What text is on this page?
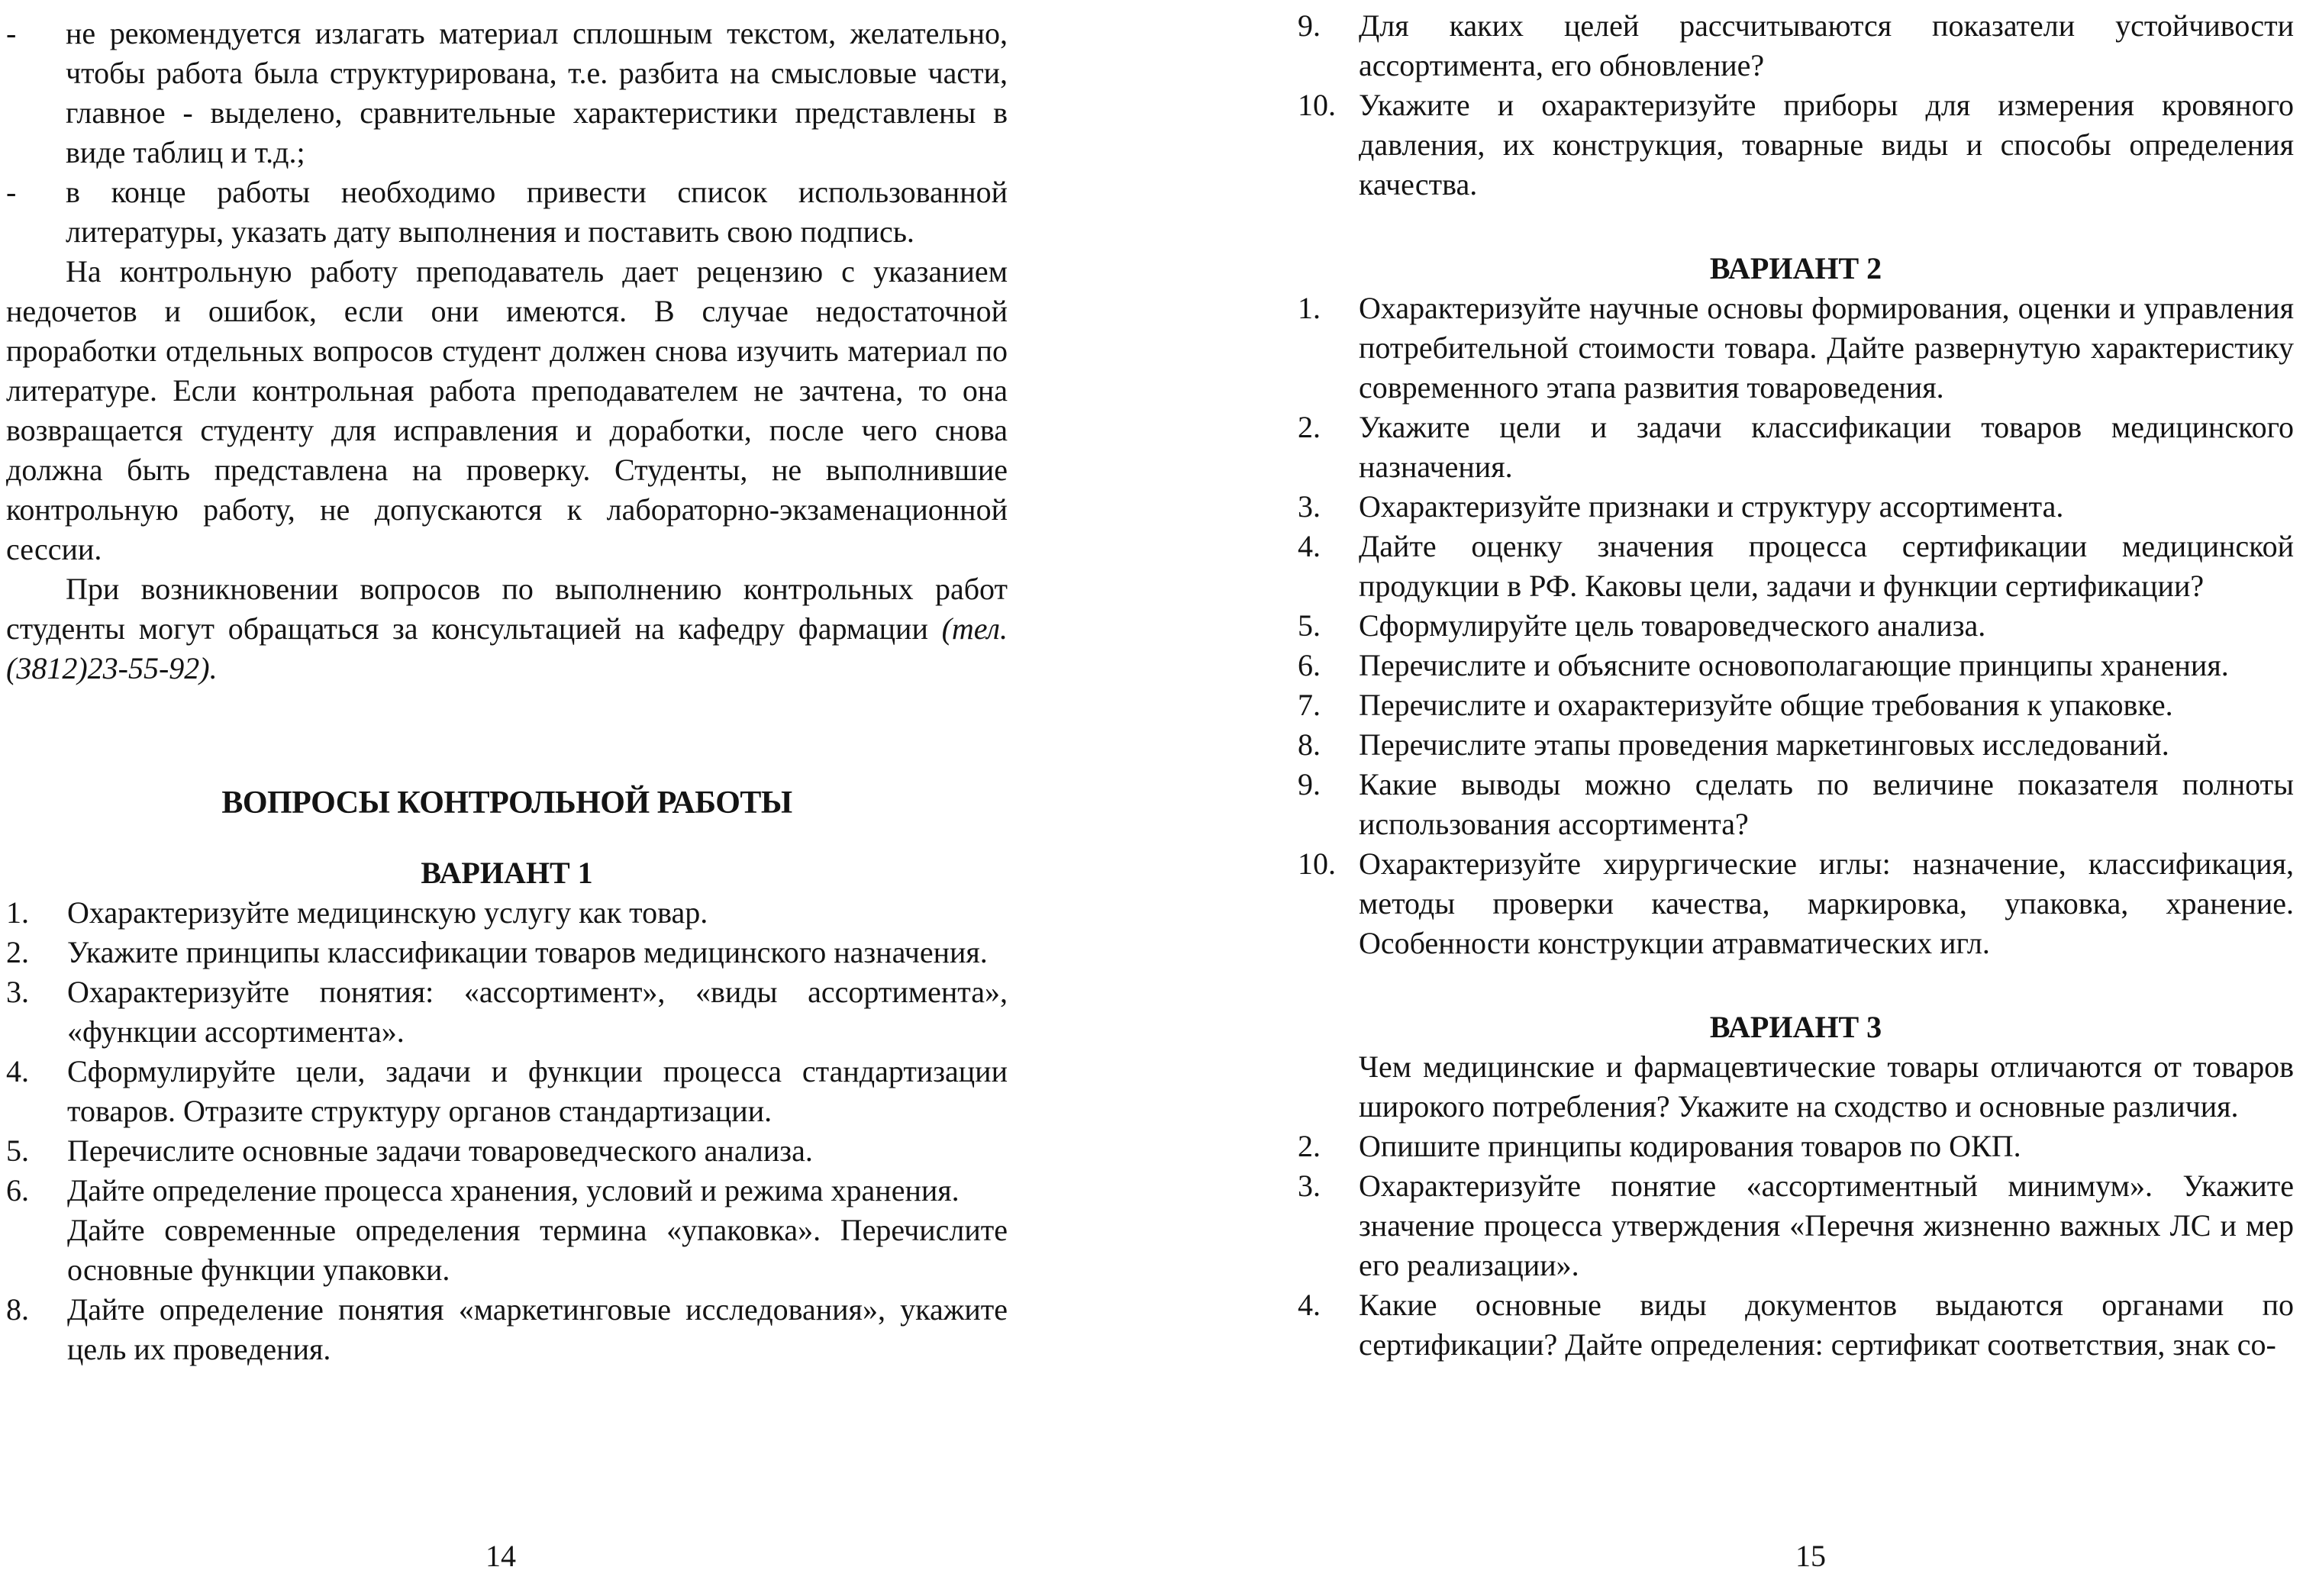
- не рекомендуется излагать материал сплошным текстом, желательно, чтобы работа была структурирована, т.е. разбита на смысловые части, главное - выделено, сравнительные характеристики представлены в виде таблиц и т.д.;
- в конце работы необходимо привести список использованной литературы, указать дату выполнения и поставить свою подпись.

На контрольную работу преподаватель дает рецензию с указанием недочетов и ошибок, если они имеются. В случае недостаточной проработки отдельных вопросов студент должен снова изучить материал по литературе. Если контрольная работа преподавателем не зачтена, то она возвращается студенту для исправления и доработки, после чего снова должна быть представлена на проверку. Студенты, не выполнившие контрольную работу, не допускаются к лабораторно-экзаменационной сессии.

При возникновении вопросов по выполнению контрольных работ студенты могут обращаться за консультацией на кафедру фармации (тел. (3812)23-55-92).

ВОПРОСЫ КОНТРОЛЬНОЙ РАБОТЫ
ВАРИАНТ 1
1. Охарактеризуйте медицинскую услугу как товар.
2. Укажите принципы классификации товаров медицинского назначения.
3. Охарактеризуйте понятия: «ассортимент», «виды ассортимента», «функции ассортимента».
4. Сформулируйте цели, задачи и функции процесса стандартизации товаров. Отразите структуру органов стандартизации.
5. Перечислите основные задачи товароведческого анализа.
6. Дайте определение процесса хранения, условий и режима хранения.
Дайте современные определения термина «упаковка». Перечислите основные функции упаковки.
8. Дайте определение понятия «маркетинговые исследования», укажите цель их проведения.
14
9. Для каких целей рассчитываются показатели устойчивости ассортимента, его обновление?
10. Укажите и охарактеризуйте приборы для измерения кровяного давления, их конструкция, товарные виды и способы определения качества.
ВАРИАНТ 2
1. Охарактеризуйте научные основы формирования, оценки и управления потребительной стоимости товара. Дайте развернутую характеристику современного этапа развития товароведения.
2. Укажите цели и задачи классификации товаров медицинского назначения.
3. Охарактеризуйте признаки и структуру ассортимента.
4. Дайте оценку значения процесса сертификации медицинской продукции в РФ. Каковы цели, задачи и функции сертификации?
5. Сформулируйте цель товароведческого анализа.
6. Перечислите и объясните основополагающие принципы хранения.
7. Перечислите и охарактеризуйте общие требования к упаковке.
8. Перечислите этапы проведения маркетинговых исследований.
9. Какие выводы можно сделать по величине показателя полноты использования ассортимента?
10. Охарактеризуйте хирургические иглы: назначение, классификация, методы проверки качества, маркировка, упаковка, хранение. Особенности конструкции атравматических игл.
ВАРИАНТ 3
Чем медицинские и фармацевтические товары отличаются от товаров широкого потребления? Укажите на сходство и основные различия.
2. Опишите принципы кодирования товаров по ОКП.
3. Охарактеризуйте понятие «ассортиментный минимум». Укажите значение процесса утверждения «Перечня жизненно важных ЛС и мер его реализации».
4. Какие основные виды документов выдаются органами по сертификации? Дайте определения: сертификат соответствия, знак со-
15
